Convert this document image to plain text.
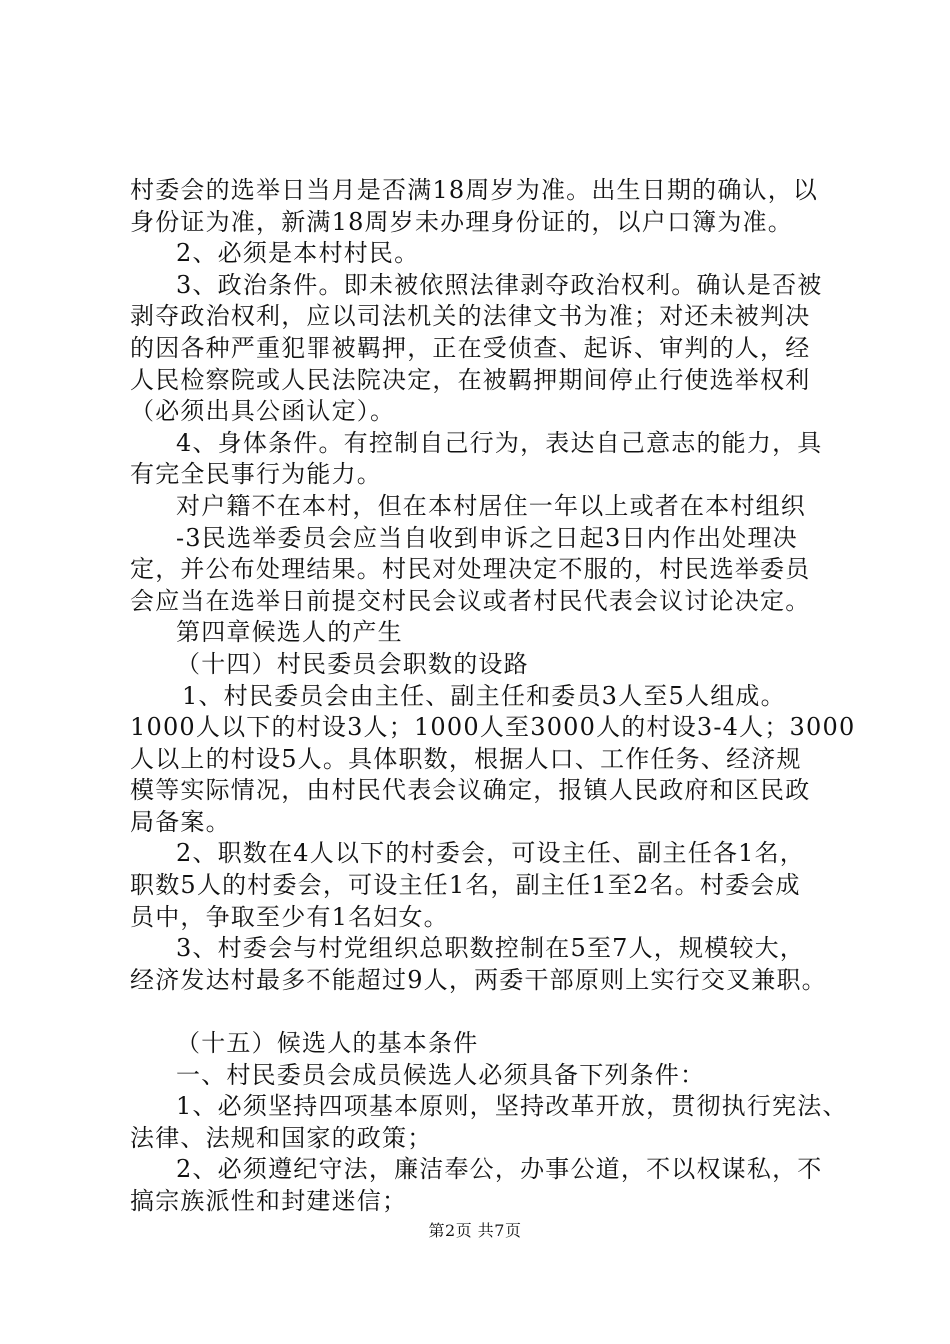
村委会的选举日当月是否满18周岁为准。出生日期的确认，以
身份证为准，新满18周岁未办理身份证的，以户口簿为准。
2、必须是本村村民。
3、政治条件。即未被依照法律剥夺政治权利。确认是否被
剥夺政治权利，应以司法机关的法律文书为准；对还未被判决
的因各种严重犯罪被羁押，正在受侦查、起诉、审判的人，经
人民检察院或人民法院决定，在被羁押期间停止行使选举权利
（必须出具公函认定）。
4、身体条件。有控制自己行为，表达自己意志的能力，具
有完全民事行为能力。
对户籍不在本村，但在本村居住一年以上或者在本村组织
-3民选举委员会应当自收到申诉之日起3日内作出处理决
定，并公布处理结果。村民对处理决定不服的，村民选举委员
会应当在选举日前提交村民会议或者村民代表会议讨论决定。
第四章候选人的产生
（十四）村民委员会职数的设路
1、村民委员会由主任、副主任和委员3人至5人组成。
1000人以下的村设3人；1000人至3000人的村设3-4人；3000
人以上的村设5人。具体职数，根据人口、工作任务、经济规
模等实际情况，由村民代表会议确定，报镇人民政府和区民政
局备案。
2、职数在4人以下的村委会，可设主任、副主任各1名，
职数5人的村委会，可设主任1名，副主任1至2名。村委会成
员中，争取至少有1名妇女。
3、村委会与村党组织总职数控制在5至7人，规模较大，
经济发达村最多不能超过9人，两委干部原则上实行交叉兼职。
（十五）候选人的基本条件
一、村民委员会成员候选人必须具备下列条件：
1、必须坚持四项基本原则，坚持改革开放，贯彻执行宪法、
法律、法规和国家的政策；
2、必须遵纪守法，廉洁奉公，办事公道，不以权谋私，不
搞宗族派性和封建迷信；
第2页 共7页
